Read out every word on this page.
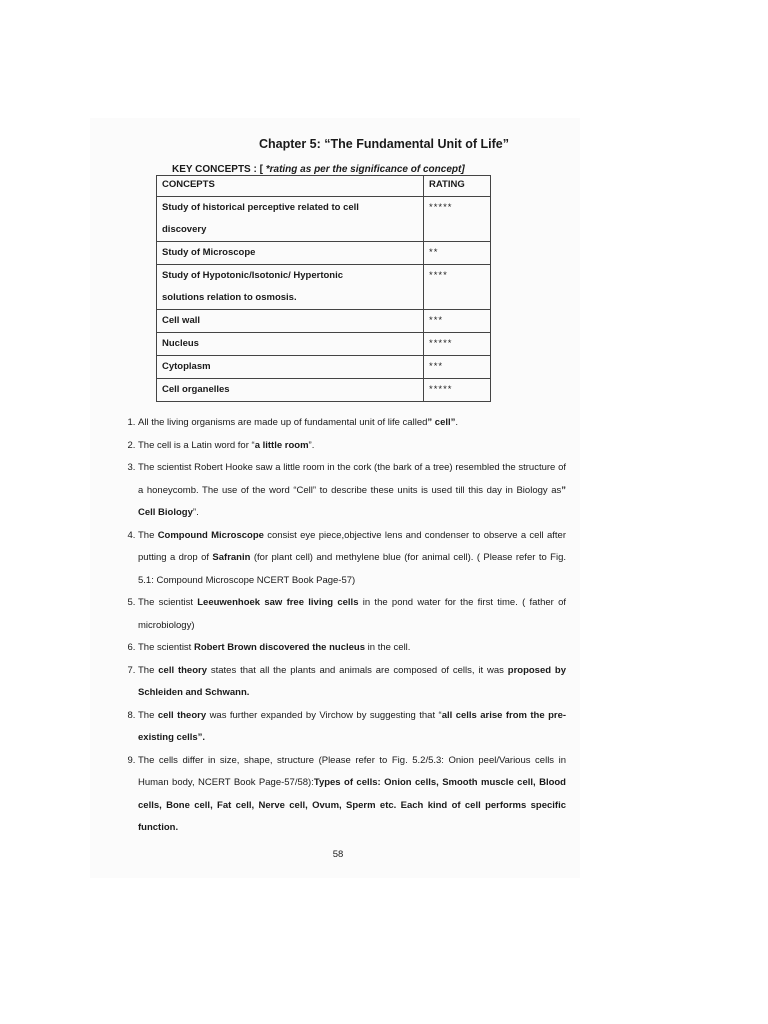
Chapter 5: “The Fundamental Unit of Life”
KEY CONCEPTS : [ *rating as per the significance of concept]
CONCEPTS	RATING
Study of historical perceptive related to cell discovery	*****
Study of Microscope	**
Study of Hypotonic/Isotonic/ Hypertonic solutions relation to osmosis.	****
Cell wall	***
Nucleus	*****
Cytoplasm	***
Cell organelles	*****
1. All the living organisms are made up of fundamental unit of life called” cell”.
2. The cell is a Latin word for “a little room”.
3. The scientist Robert Hooke saw a little room in the cork (the bark of a tree) resembled the structure of a honeycomb. The use of the word “Cell” to describe these units is used till this day in Biology as” Cell Biology”.
4. The Compound Microscope consist eye piece,objective lens and condenser to observe a cell after putting a drop of Safranin (for plant cell) and methylene blue (for animal cell). ( Please refer to Fig. 5.1: Compound Microscope NCERT Book Page-57)
5. The scientist Leeuwenhoek saw free living cells in the pond water for the first time. ( father of microbiology)
6. The scientist Robert Brown discovered the nucleus in the cell.
7. The cell theory states that all the plants and animals are composed of cells, it was proposed by Schleiden and Schwann.
8. The cell theory was further expanded by Virchow by suggesting that “all cells arise from the pre-existing cells”.
9. The cells differ in size, shape, structure (Please refer to Fig. 5.2/5.3: Onion peel/Various cells in Human body, NCERT Book Page-57/58):Types of cells: Onion cells, Smooth muscle cell, Blood cells, Bone cell, Fat cell, Nerve cell, Ovum, Sperm etc. Each kind of cell performs specific function.
58
